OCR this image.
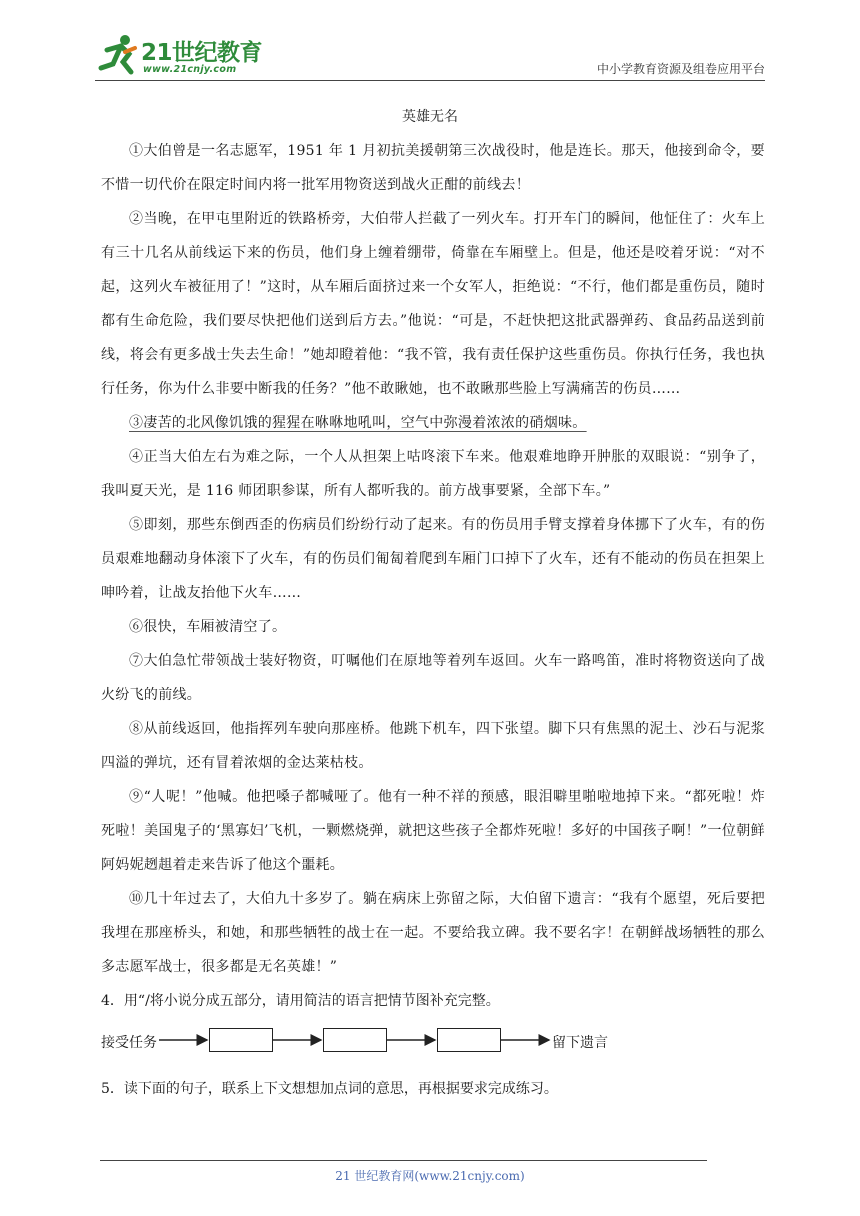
21世纪教育
www.21cnjy.com	中小学教育资源及组卷应用平台
英雄无名

①大伯曾是一名志愿军，1951 年 1 月初抗美援朝第三次战役时，他是连长。那天，他接到命令，要不惜一切代价在限定时间内将一批军用物资送到战火正酣的前线去！

②当晚，在甲屯里附近的铁路桥旁，大伯带人拦截了一列火车。打开车门的瞬间，他怔住了：火车上有三十几名从前线运下来的伤员，他们身上缠着绷带，倚靠在车厢壁上。但是，他还是咬着牙说：“对不起，这列火车被征用了！”这时，从车厢后面挤过来一个女军人，拒绝说：“不行，他们都是重伤员，随时都有生命危险，我们要尽快把他们送到后方去。”他说：“可是，不赶快把这批武器弹药、食品药品送到前线，将会有更多战士失去生命！”她却瞪着他：“我不管，我有责任保护这些重伤员。你执行任务，我也执行任务，你为什么非要中断我的任务？”他不敢瞅她，也不敢瞅那些脸上写满痛苦的伤员……

③凄苦的北风像饥饿的猩猩在咻咻地吼叫，空气中弥漫着浓浓的硝烟味。

④正当大伯左右为难之际，一个人从担架上咕咚滚下车来。他艰难地睁开肿胀的双眼说：“别争了，我叫夏天光，是 116 师团职参谋，所有人都听我的。前方战事要紧，全部下车。”

⑤即刻，那些东倒西歪的伤病员们纷纷行动了起来。有的伤员用手臂支撑着身体挪下了火车，有的伤员艰难地翻动身体滚下了火车，有的伤员们匍匐着爬到车厢门口掉下了火车，还有不能动的伤员在担架上呻吟着，让战友抬他下火车……

⑥很快，车厢被清空了。

⑦大伯急忙带领战士装好物资，叮嘱他们在原地等着列车返回。火车一路鸣笛，准时将物资送向了战火纷飞的前线。

⑧从前线返回，他指挥列车驶向那座桥。他跳下机车，四下张望。脚下只有焦黑的泥土、沙石与泥浆四溢的弹坑，还有冒着浓烟的金达莱枯枝。

⑨“人呢！”他喊。他把嗓子都喊哑了。他有一种不祥的预感，眼泪噼里啪啦地掉下来。“都死啦！炸死啦！美国鬼子的‘黑寡妇’飞机，一颗燃烧弹，就把这些孩子全都炸死啦！多好的中国孩子啊！”一位朝鲜阿妈妮趔趄着走来告诉了他这个噩耗。

⑩几十年过去了，大伯九十多岁了。躺在病床上弥留之际，大伯留下遗言：“我有个愿望，死后要把我埋在那座桥头，和她，和那些牺牲的战士在一起。不要给我立碑。我不要名字！在朝鲜战场牺牲的那么多志愿军战士，很多都是无名英雄！”

4．用“/将小说分成五部分，请用简洁的语言把情节图补充完整。

接受任务	留下遗言

5．读下面的句子，联系上下文想想加点词的意思，再根据要求完成练习。

21 世纪教育网(www.21cnjy.com)
